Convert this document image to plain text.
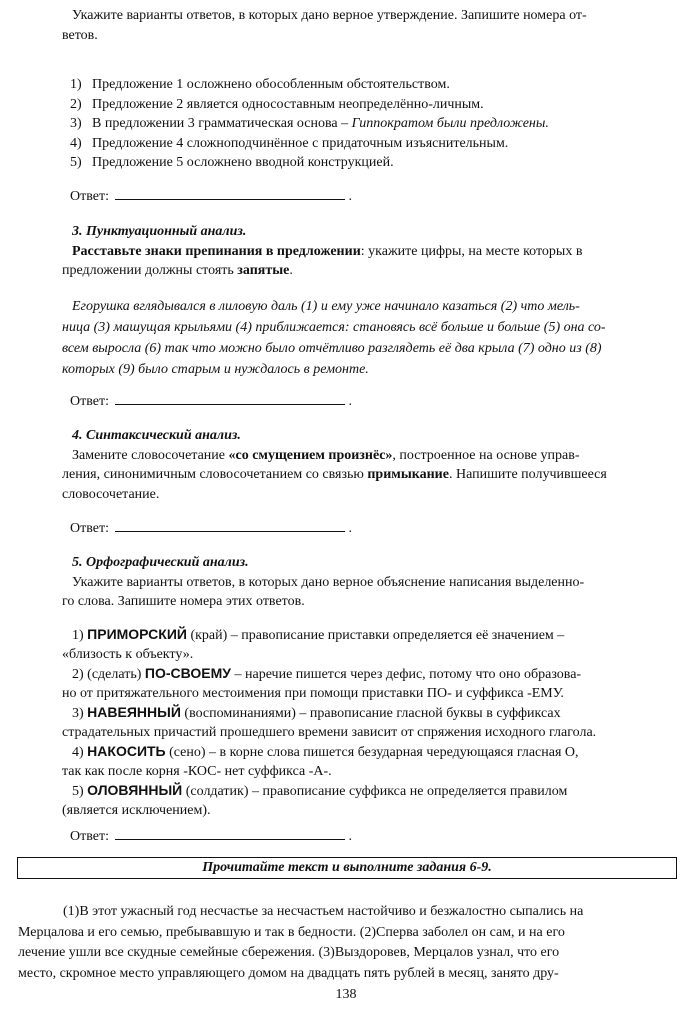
Укажите варианты ответов, в которых дано верное утверждение. Запишите номера от-
ветов.
1) Предложение 1 осложнено обособленным обстоятельством.
2) Предложение 2 является односоставным неопределённо-личным.
3) В предложении 3 грамматическая основа – Гиппократом были предложены.
4) Предложение 4 сложноподчинённое с придаточным изъяснительным.
5) Предложение 5 осложнено вводной конструкцией.
Ответ:	.
3. Пунктуационный анализ.
Расставьте знаки препинания в предложении: укажите цифры, на месте которых в
предложении должны стоять запятые.
Егорушка вглядывался в лиловую даль (1) и ему уже начинало казаться (2) что мель-
ница (3) машущая крыльями (4) приближается: становясь всё больше и больше (5) она со-
всем выросла (6) так что можно было отчётливо разглядеть её два крыла (7) одно из (8)
которых (9) было старым и нуждалось в ремонте.
Ответ:	.
4. Синтаксический анализ.
Замените словосочетание «со смущением произнёс», построенное на основе управ-
ления, синонимичным словосочетанием со связью примыкание. Напишите получившееся
словосочетание.
Ответ:	.
5. Орфографический анализ.
Укажите варианты ответов, в которых дано верное объяснение написания выделенно-
го слова. Запишите номера этих ответов.
1) ПРИМОРСКИЙ (край) – правописание приставки определяется её значением –
«близость к объекту».
2) (сделать) ПО-СВОЕМУ – наречие пишется через дефис, потому что оно образова-
но от притяжательного местоимения при помощи приставки ПО- и суффикса -ЕМУ.
3) НАВЕЯННЫЙ (воспоминаниями) – правописание гласной буквы в суффиксах
страдательных причастий прошедшего времени зависит от спряжения исходного глагола.
4) НАКОСИТЬ (сено) – в корне слова пишется безударная чередующаяся гласная О,
так как после корня -КОС- нет суффикса -А-.
5) ОЛОВЯННЫЙ (солдатик) – правописание суффикса не определяется правилом
(является исключением).
Ответ:	.
Прочитайте текст и выполните задания 6-9.
(1)В этот ужасный год несчастье за несчастьем настойчиво и безжалостно сыпались на
Мерцалова и его семью, пребывавшую и так в бедности. (2)Сперва заболел он сам, и на его
лечение ушли все скудные семейные сбережения. (3)Выздоровев, Мерцалов узнал, что его
место, скромное место управляющего домом на двадцать пять рублей в месяц, занято дру-
138
